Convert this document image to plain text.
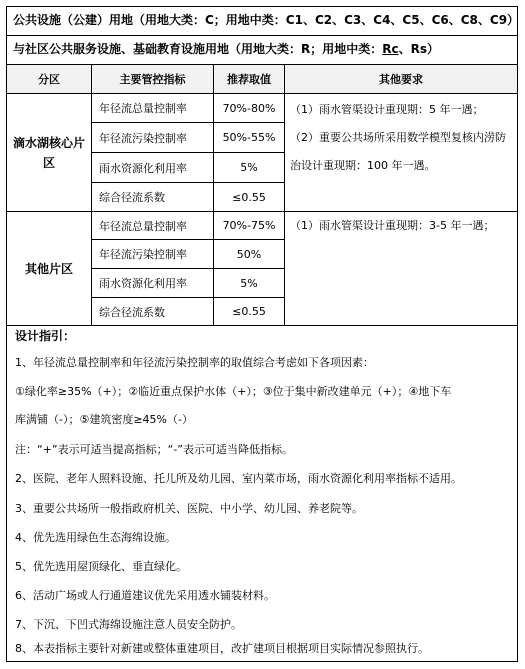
公共设施（公建）用地（用地大类：C；用地中类：C1、C2、C3、C4、C5、C6、C8、C9）
与社区公共服务设施、基础教育设施用地（用地大类：R；用地中类：Rc、Rs）
分区	主要管控指标	推荐取值	其他要求
滴水湖核心片区
年径流总量控制率	70%-80%
年径流污染控制率	50%-55%
雨水资源化利用率	5%
综合径流系数	≤0.55
（1）雨水管渠设计重现期：5 年一遇；
（2）重要公共场所采用数学模型复核内涝防治设计重现期：100 年一遇。
其他片区
年径流总量控制率	70%-75%
年径流污染控制率	50%
雨水资源化利用率	5%
综合径流系数	≤0.55
（1）雨水管渠设计重现期：3-5 年一遇；
设计指引：
1、年径流总量控制率和年径流污染控制率的取值综合考虑如下各项因素：
①绿化率≥35%（+）；②临近重点保护水体（+）；③位于集中新改建单元（+）；④地下车
库满铺（-）；⑤建筑密度≥45%（-）
注：“+”表示可适当提高指标；“-”表示可适当降低指标。
2、医院、老年人照料设施、托儿所及幼儿园、室内菜市场，雨水资源化利用率指标不适用。
3、重要公共场所一般指政府机关、医院、中小学、幼儿园、养老院等。
4、优先选用绿色生态海绵设施。
5、优先选用屋顶绿化、垂直绿化。
6、活动广场或人行通道建议优先采用透水铺装材料。
7、下沉、下凹式海绵设施注意人员安全防护。
8、本表指标主要针对新建或整体重建项目，改扩建项目根据项目实际情况参照执行。
